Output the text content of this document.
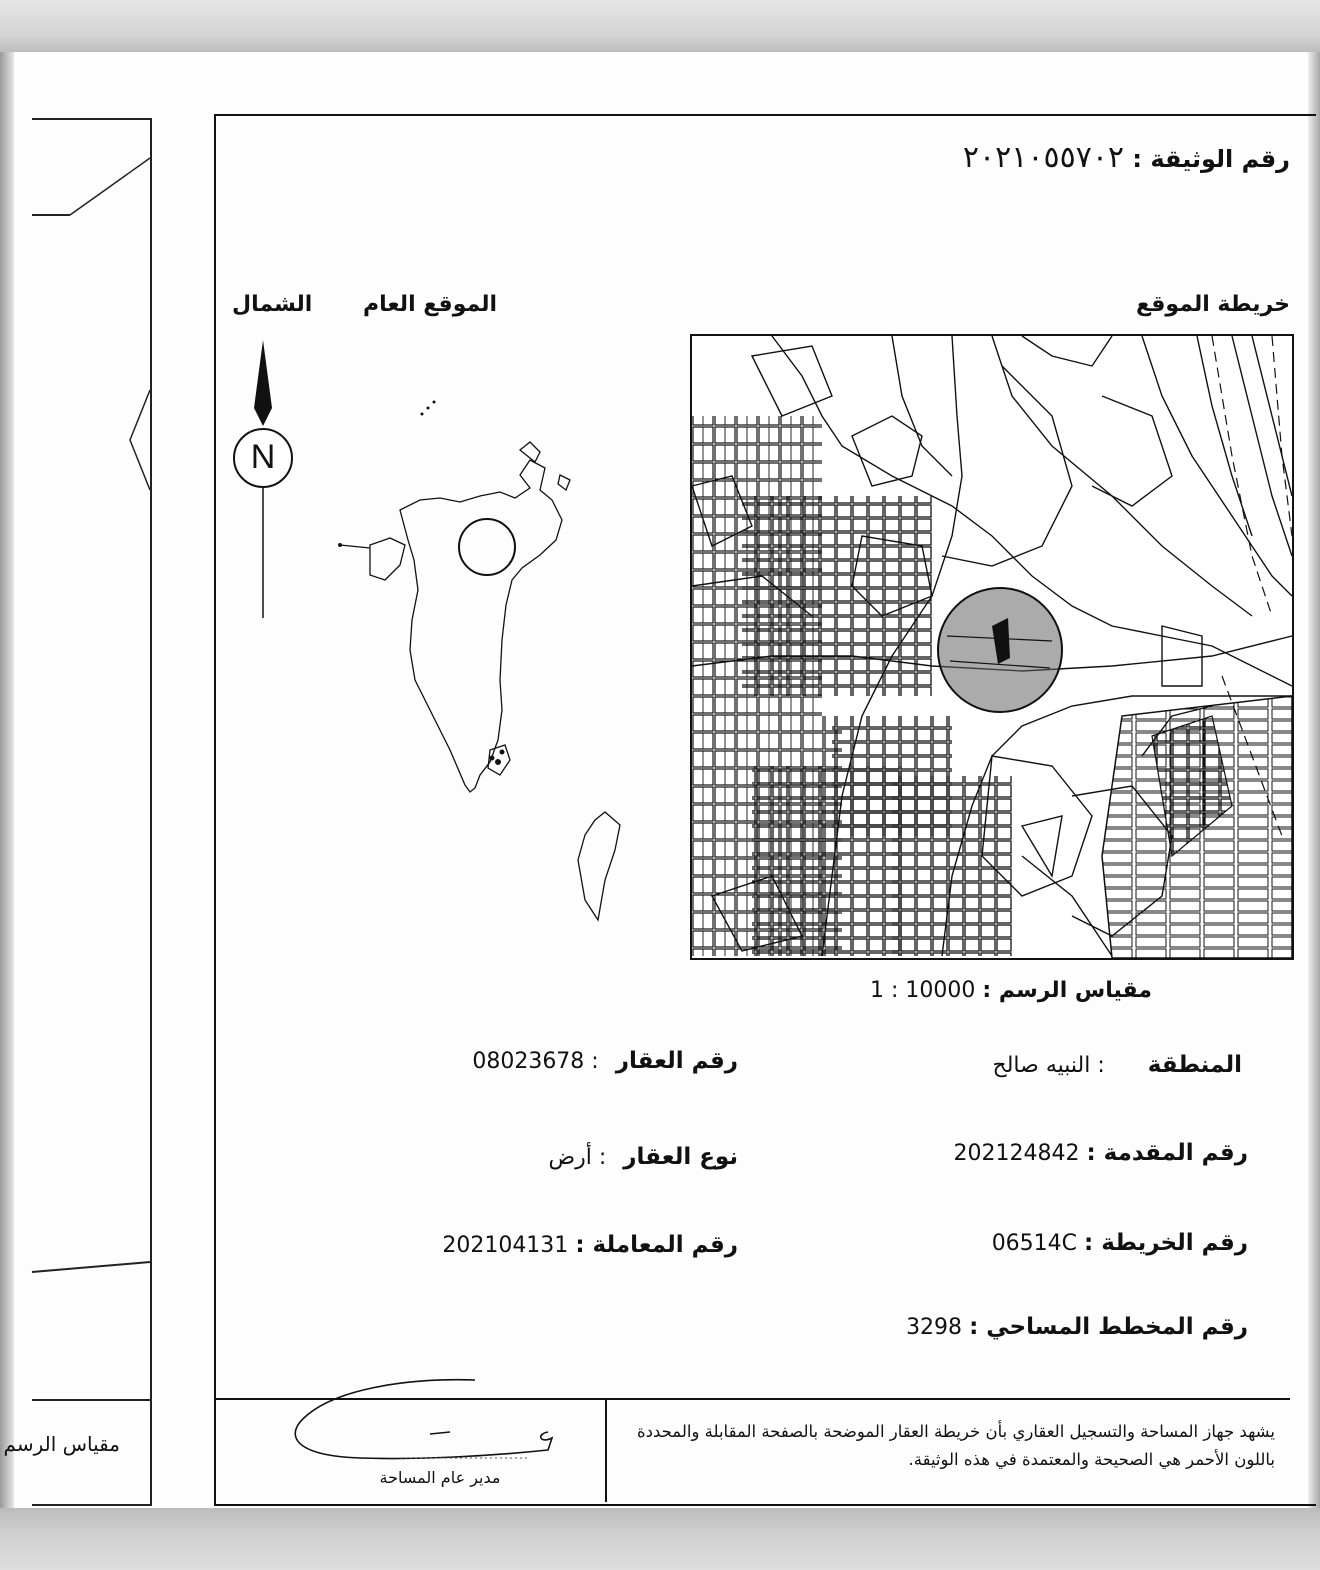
مقياس الرسم
رقم الوثيقة : ٢٠٢١٠٥٥٧٠٢
خريطة الموقع
الموقع العام
الشمال
N
مقياس الرسم : 10000 : 1
المنطقة : النبيه صالح
رقم المقدمة : 202124842
رقم الخريطة : 06514C
رقم المخطط المساحي : 3298
رقم العقار : 08023678
نوع العقار : أرض
رقم المعاملة : 202104131
يشهد جهاز المساحة والتسجيل العقاري بأن خريطة العقار الموضحة بالصفحة المقابلة والمحددة باللون الأحمر هي الصحيحة والمعتمدة في هذه الوثيقة.
مدير عام المساحة
